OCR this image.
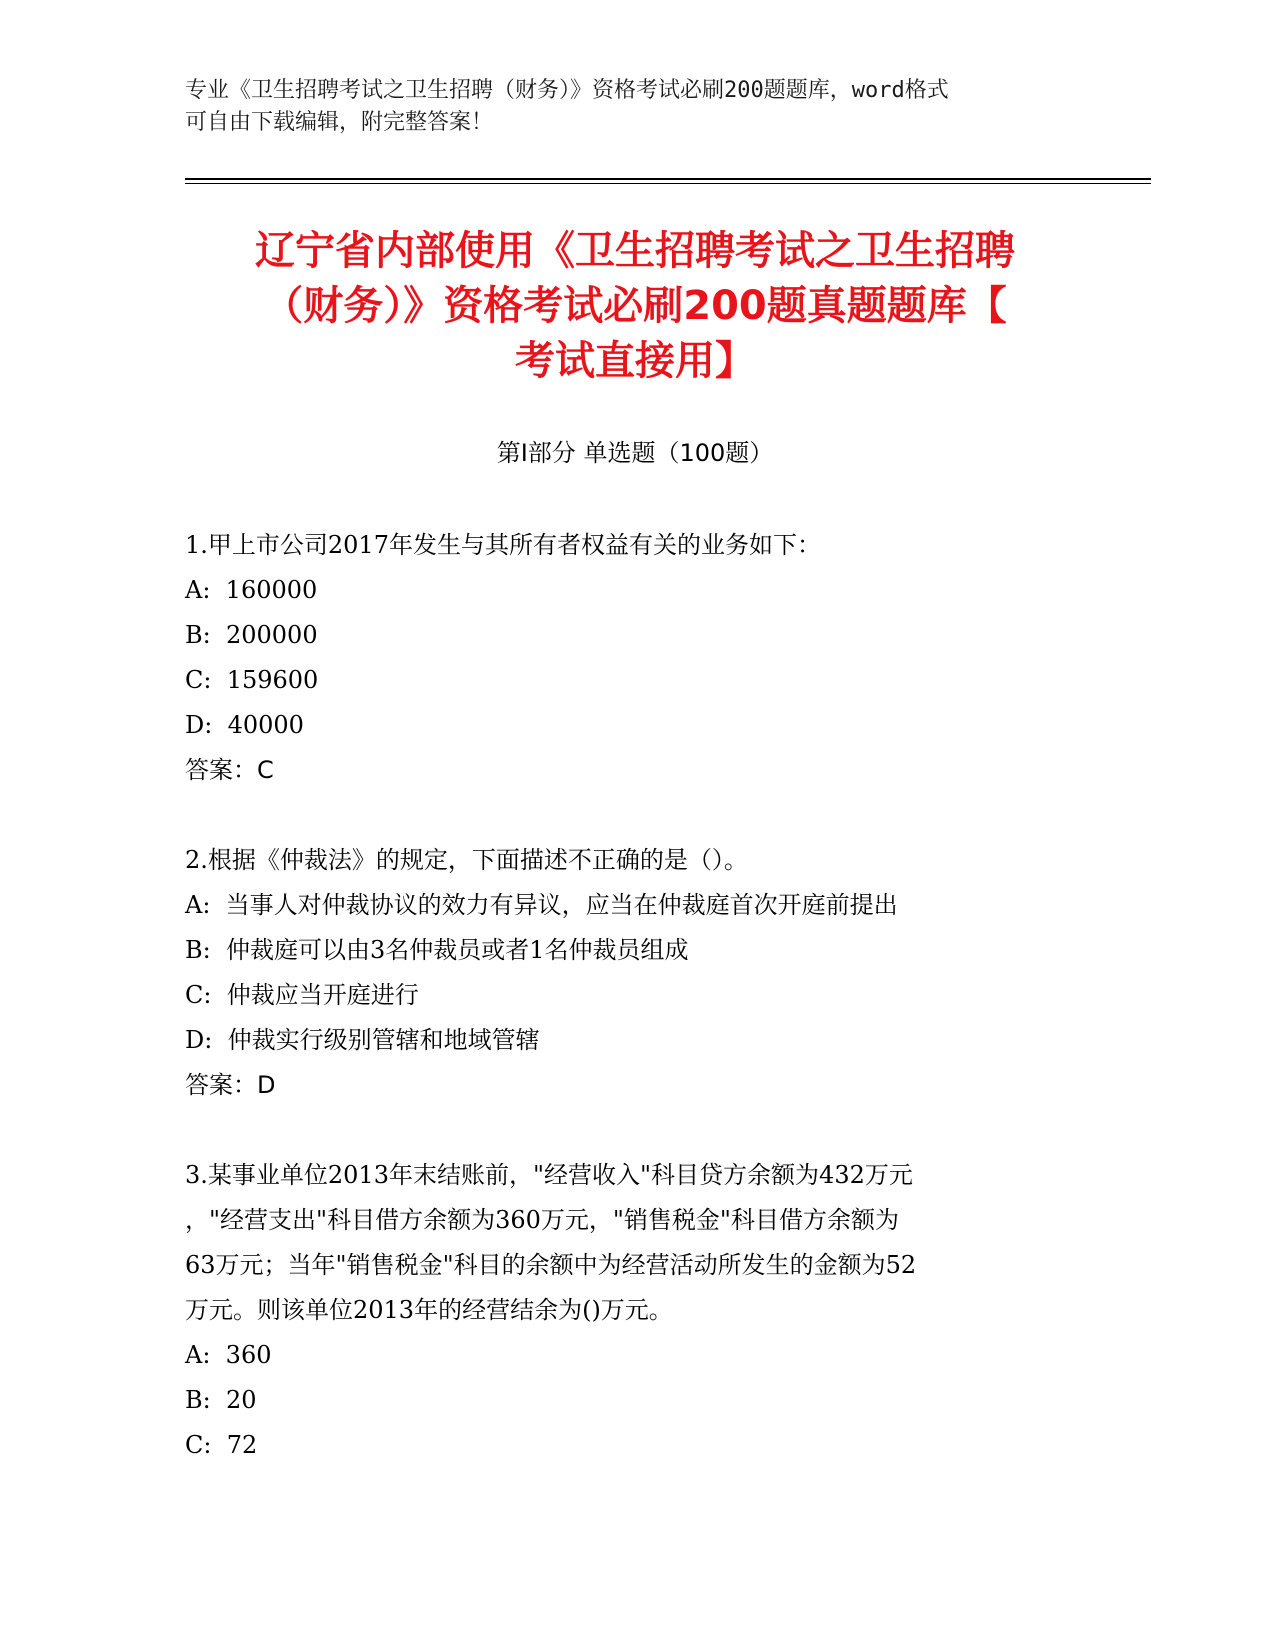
专业《卫生招聘考试之卫生招聘（财务）》资格考试必刷200题题库，word格式
可自由下载编辑，附完整答案！
辽宁省内部使用《卫生招聘考试之卫生招聘
（财务）》资格考试必刷200题真题题库【
考试直接用】
第Ⅰ部分 单选题（100题）
1.甲上市公司2017年发生与其所有者权益有关的业务如下：
A:  160000
B:  200000
C:  159600
D:  40000
答案：C
2.根据《仲裁法》的规定，下面描述不正确的是（）。
A:  当事人对仲裁协议的效力有异议，应当在仲裁庭首次开庭前提出
B:  仲裁庭可以由3名仲裁员或者1名仲裁员组成
C:  仲裁应当开庭进行
D:  仲裁实行级别管辖和地域管辖
答案：D
3.某事业单位2013年末结账前，"经营收入"科目贷方余额为432万元
，"经营支出"科目借方余额为360万元，"销售税金"科目借方余额为
63万元；当年"销售税金"科目的余额中为经营活动所发生的金额为52
万元。则该单位2013年的经营结余为()万元。
A:  360
B:  20
C:  72
